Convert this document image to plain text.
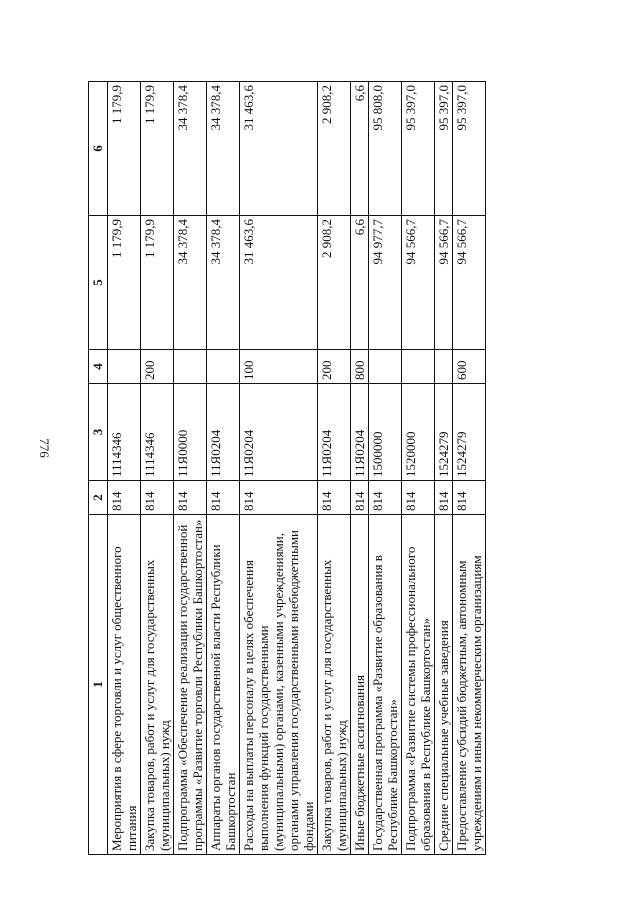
776
1	2	3	4	5	6
Мероприятия в сфере торговли и услуг общественного питания	814	1114346		1 179,9	1 179,9
Закупка товаров, работ и услуг для государственных (муниципальных) нужд	814	1114346	200	1 179,9	1 179,9
Подпрограмма «Обеспечение реализации государственной программы «Развитие торговли Республики Башкортостан»	814	11Я0000		34 378,4	34 378,4
Аппараты органов государственной власти Республики Башкортостан	814	11Я0204		34 378,4	34 378,4
Расходы на выплаты персоналу в целях обеспечения выполнения функций государственными (муниципальными) органами, казенными учреждениями, органами управления государственными внебюджетными фондами	814	11Я0204	100	31 463,6	31 463,6
Закупка товаров, работ и услуг для государственных (муниципальных) нужд	814	11Я0204	200	2 908,2	2 908,2
Иные бюджетные ассигнования	814	11Я0204	800	6,6	6,6
Государственная программа «Развитие образования в Республике Башкортостан»	814	1500000		94 977,7	95 808,0
Подпрограмма «Развитие системы профессионального образования в Республике Башкортостан»	814	1520000		94 566,7	95 397,0
Средние специальные учебные заведения	814	1524279		94 566,7	95 397,0
Предоставление субсидий бюджетным, автономным учреждениям и иным некоммерческим организациям	814	1524279	600	94 566,7	95 397,0
